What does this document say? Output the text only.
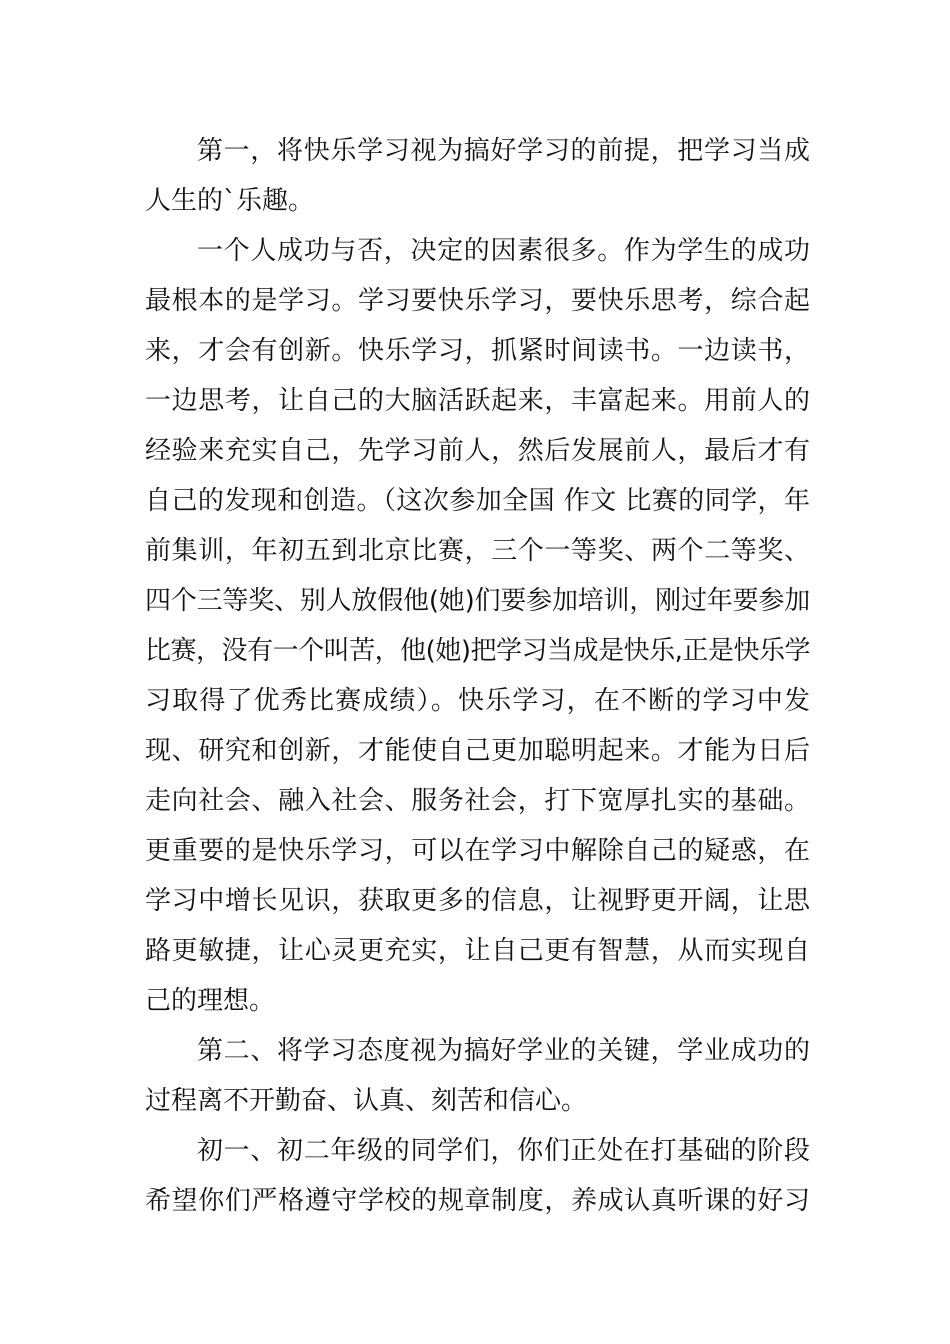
第一，将快乐学习视为搞好学习的前提，把学习当成
人生的`乐趣。
一个人成功与否，决定的因素很多。作为学生的成功
最根本的是学习。学习要快乐学习，要快乐思考，综合起
来，才会有创新。快乐学习，抓紧时间读书。一边读书，
一边思考，让自己的大脑活跃起来，丰富起来。用前人的
经验来充实自己，先学习前人，然后发展前人，最后才有
自己的发现和创造。（这次参加全国 作文 比赛的同学，年
前集训，年初五到北京比赛，三个一等奖、两个二等奖、
四个三等奖、别人放假他(她)们要参加培训，刚过年要参加
比赛，没有一个叫苦，他(她)把学习当成是快乐,正是快乐学
习取得了优秀比赛成绩）。快乐学习，在不断的学习中发
现、研究和创新，才能使自己更加聪明起来。才能为日后
走向社会、融入社会、服务社会，打下宽厚扎实的基础。
更重要的是快乐学习，可以在学习中解除自己的疑惑，在
学习中增长见识，获取更多的信息，让视野更开阔，让思
路更敏捷，让心灵更充实，让自己更有智慧，从而实现自
己的理想。
第二、将学习态度视为搞好学业的关键，学业成功的
过程离不开勤奋、认真、刻苦和信心。
初一、初二年级的同学们，你们正处在打基础的阶段
希望你们严格遵守学校的规章制度，养成认真听课的好习
